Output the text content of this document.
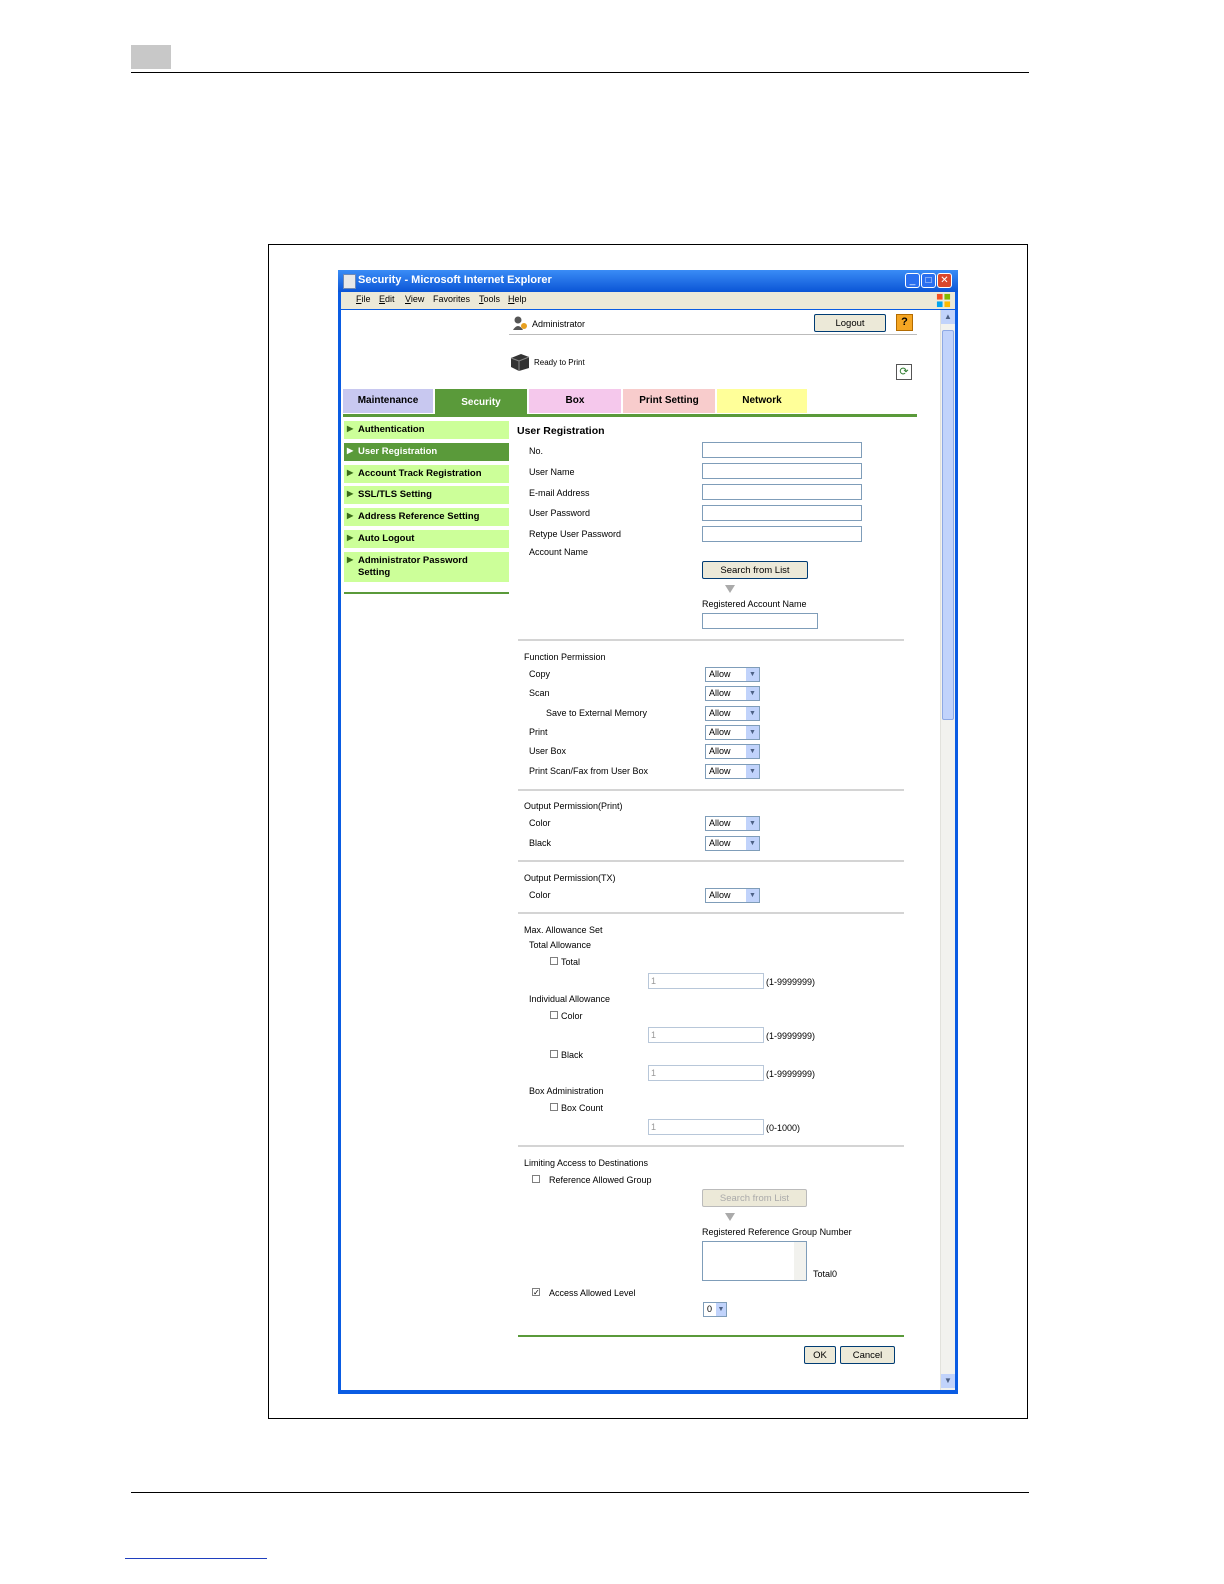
Security - Microsoft Internet Explorer	_	□ ✕
File Edit View Favorites Tools Help
Administrator	Logout	?
Ready to Print
⟳
Maintenance	Security	Box	Print Setting	Network
▶ Authentication
▶ User Registration
▶ Account Track Registration
▶ SSL/TLS Setting
▶ Address Reference Setting
▶ Auto Logout
▶ Administrator Password Setting
User Registration
No.
User Name
E-mail Address
User Password
Retype User Password
Account Name
Search from List
Registered Account Name
Function Permission
Copy	Allow	▼
Scan	Allow	▼
Save to External Memory	Allow	▼
Print	Allow	▼
User Box	Allow	▼
Print Scan/Fax from User Box	Allow	▼
Output Permission(Print)
Color	Allow	▼
Black	Allow	▼
Output Permission(TX)
Color	Allow	▼
Max. Allowance Set
Total Allowance
Total
1
(1-9999999)
Individual Allowance
Color
1
(1-9999999)
Black
1
(1-9999999)
Box Administration
Box Count
1
(0-1000)
Limiting Access to Destinations
Reference Allowed Group
Search from List
Registered Reference Group Number
Total0
✓ Access Allowed Level
0 ▼
OK	Cancel
▲
▼
